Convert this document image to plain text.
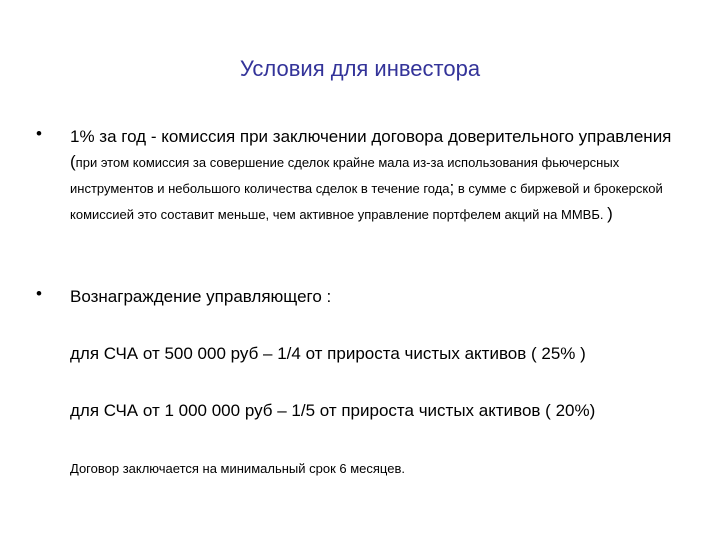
Условия для инвестора
•	1% за год - комиссия при заключении договора доверительного управления (при этом комиссия за совершение сделок крайне мала из-за использования фьючерсных инструментов и небольшого количества сделок в течение года; в сумме с биржевой и брокерской комиссией это составит меньше, чем активное управление портфелем акций на ММВБ. )
•	Вознаграждение управляющего :
для СЧА от 500 000 руб – 1/4 от прироста чистых активов ( 25% )
для СЧА от 1 000 000 руб – 1/5 от прироста чистых активов ( 20%)
Договор заключается на минимальный срок 6 месяцев.
